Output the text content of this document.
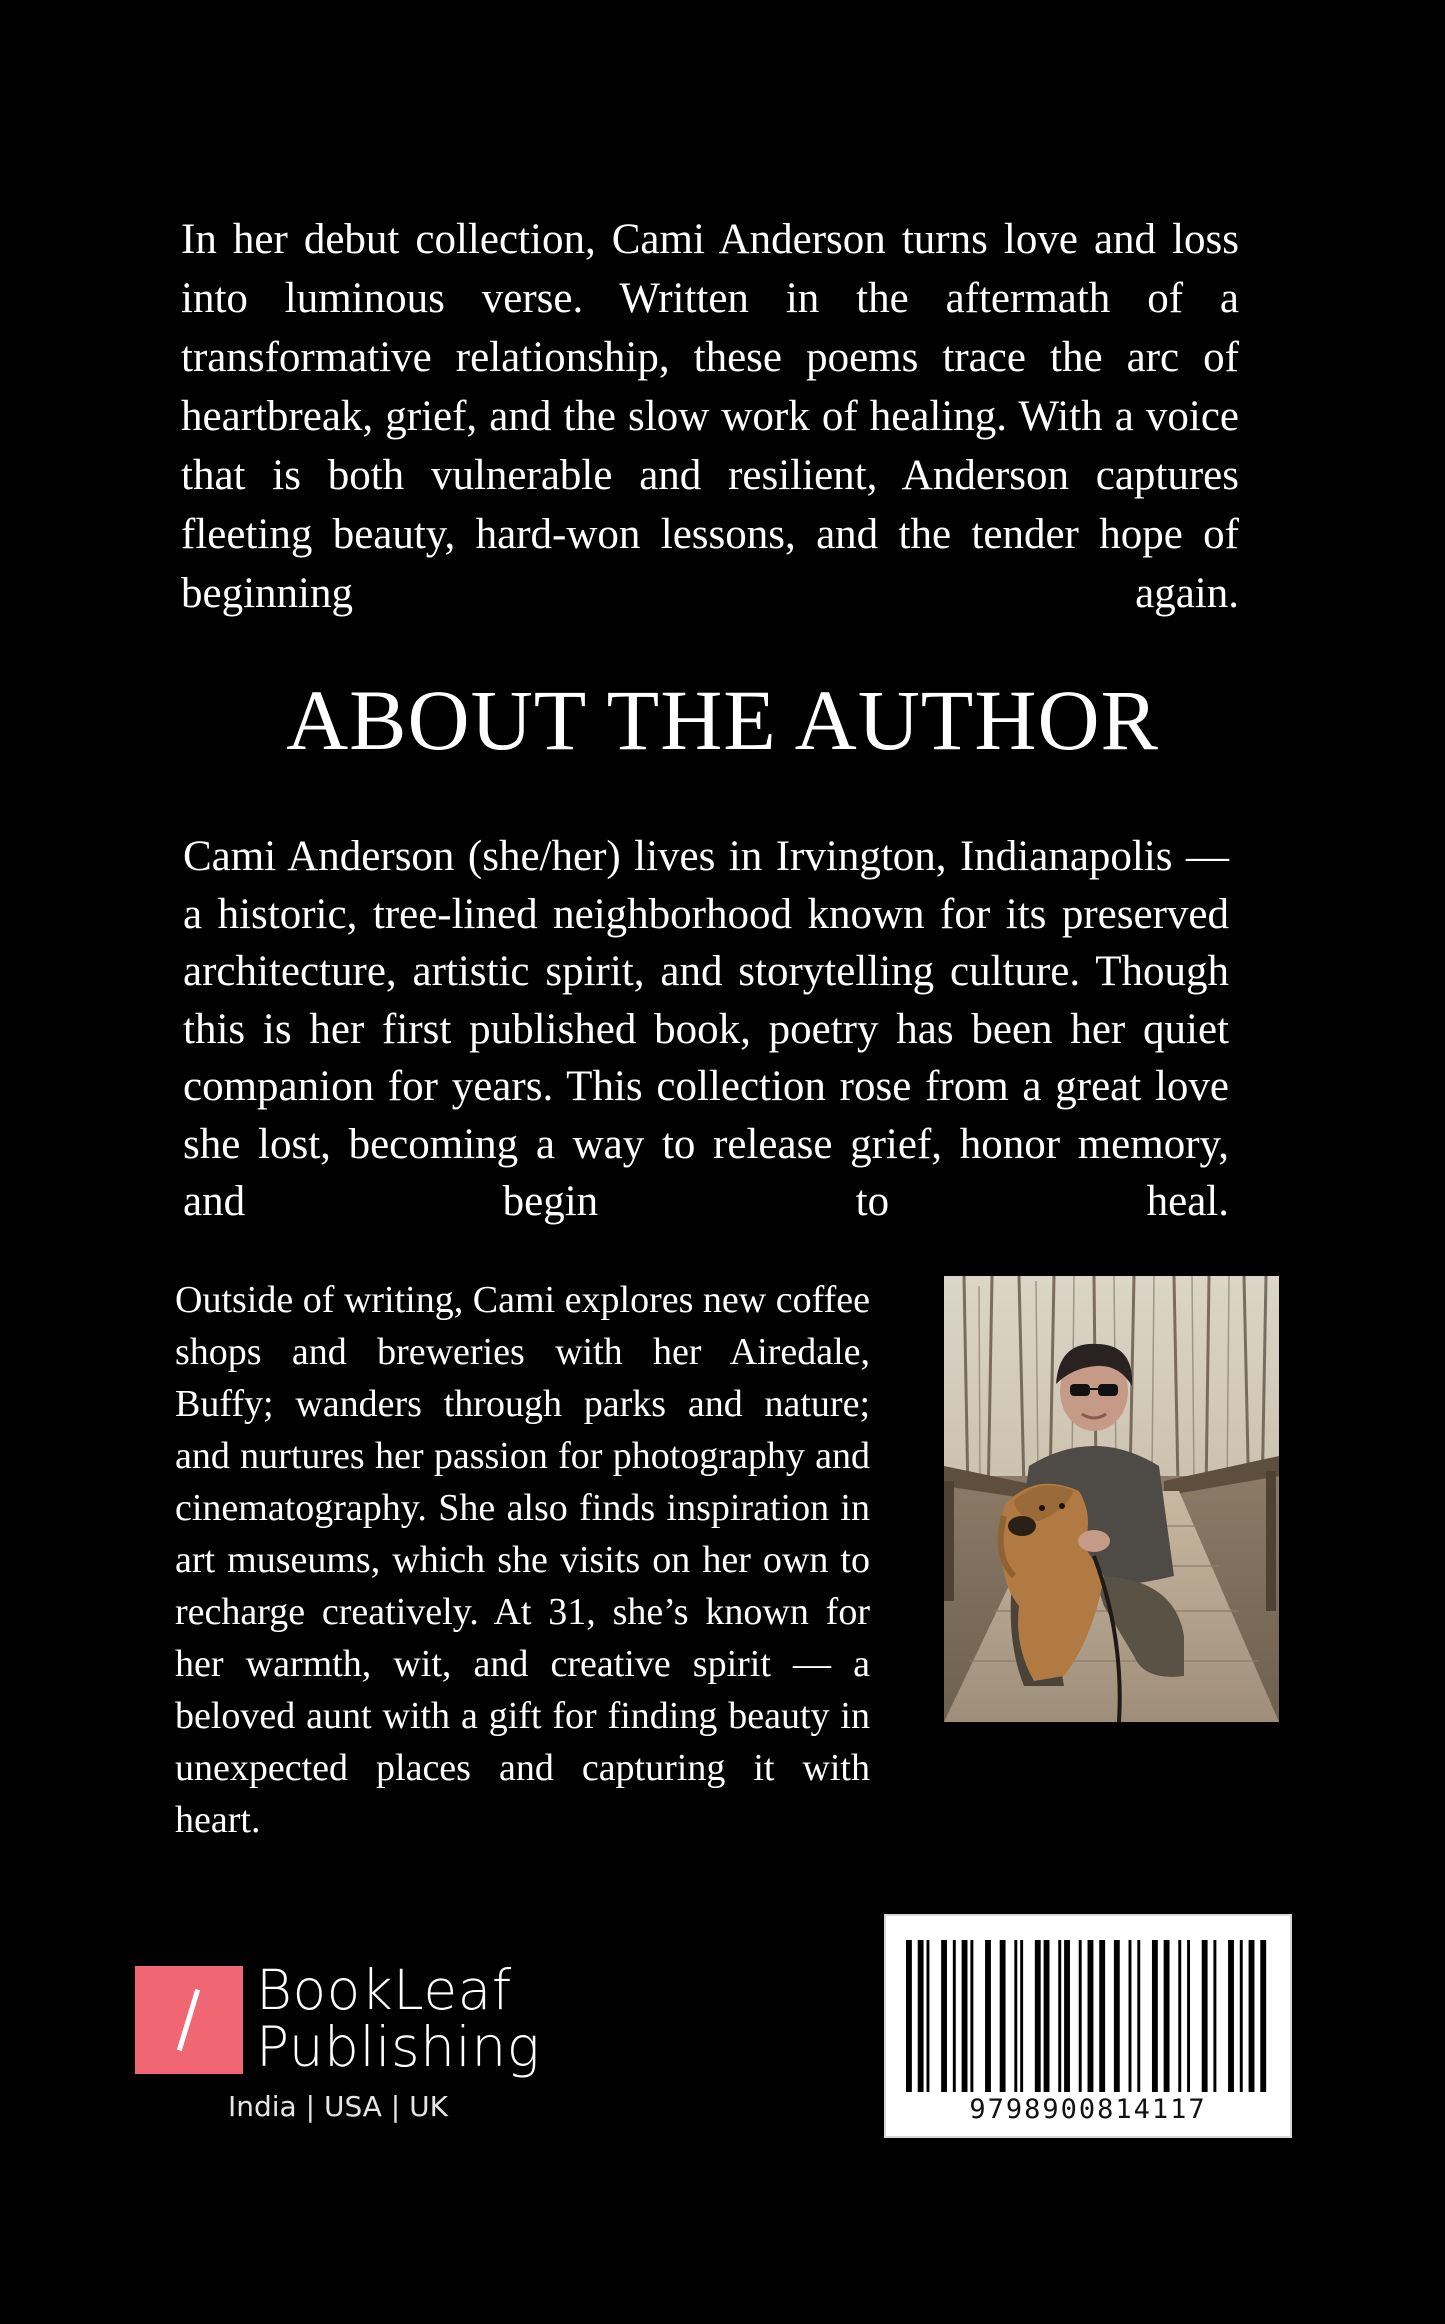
In her debut collection, Cami Anderson turns love and loss into luminous verse. Written in the aftermath of a transformative relationship, these poems trace the arc of heartbreak, grief, and the slow work of healing. With a voice that is both vulnerable and resilient, Anderson captures fleeting beauty, hard-won lessons, and the tender hope of beginning again.

ABOUT THE AUTHOR

Cami Anderson (she/her) lives in Irvington, Indianapolis — a historic, tree-lined neighborhood known for its preserved architecture, artistic spirit, and storytelling culture. Though this is her first published book, poetry has been her quiet companion for years. This collection rose from a great love she lost, becoming a way to release grief, honor memory, and begin to heal.

Outside of writing, Cami explores new coffee shops and breweries with her Airedale, Buffy; wanders through parks and nature; and nurtures her passion for photography and cinematography. She also finds inspiration in art museums, which she visits on her own to recharge creatively. At 31, she’s known for her warmth, wit, and creative spirit — a beloved aunt with a gift for finding beauty in unexpected places and capturing it with heart.

BookLeaf
Publishing
India | USA | UK	9798900814117
